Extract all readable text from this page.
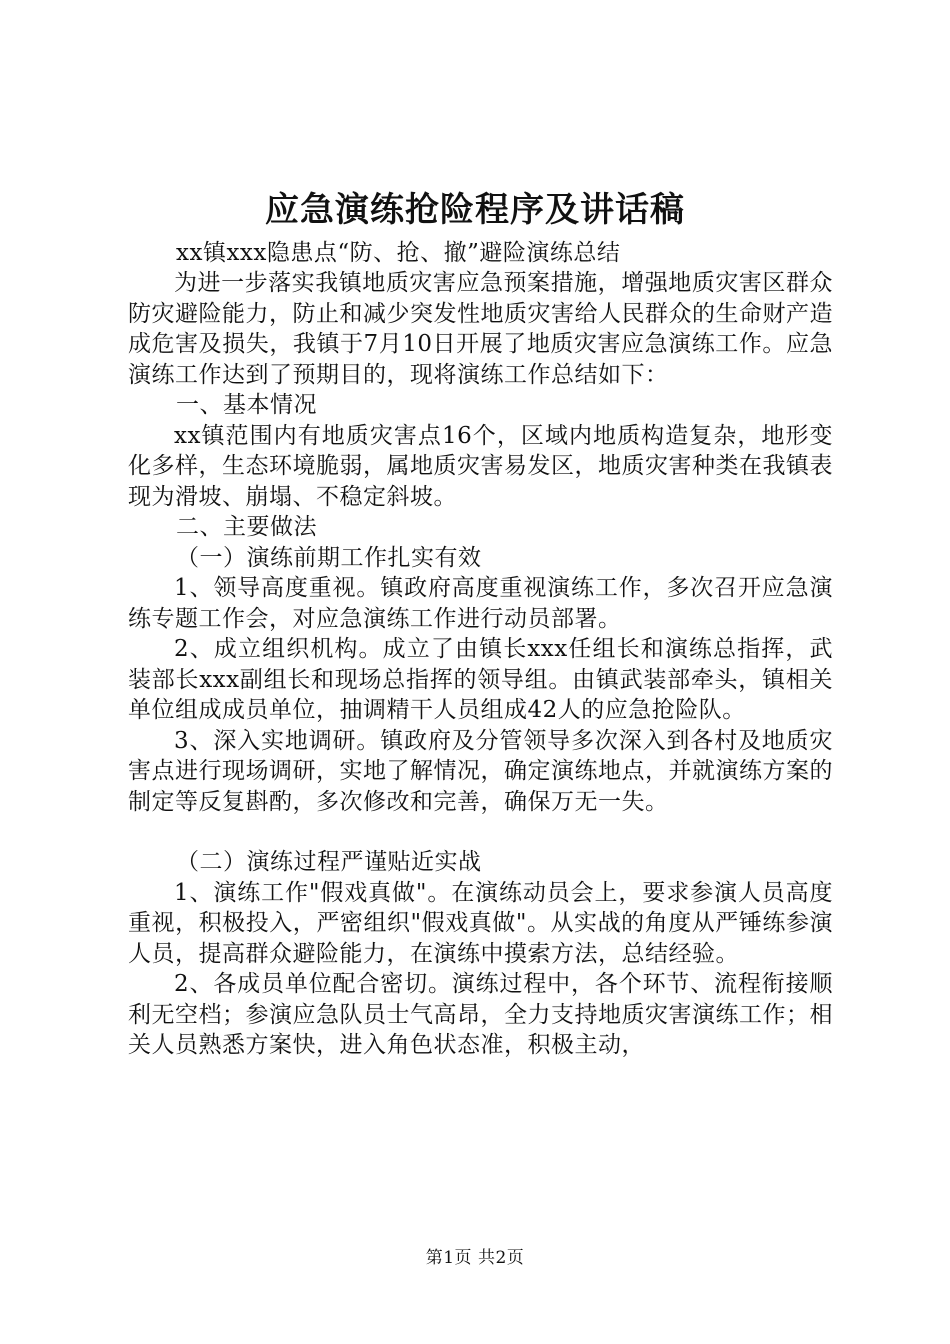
应急演练抢险程序及讲话稿

xx镇xxx隐患点“防、抢、撤”避险演练总结

为进一步落实我镇地质灾害应急预案措施，增强地质灾害区群众防灾避险能力，防止和减少突发性地质灾害给人民群众的生命财产造成危害及损失，我镇于7月10日开展了地质灾害应急演练工作。应急演练工作达到了预期目的，现将演练工作总结如下：

一、基本情况

xx镇范围内有地质灾害点16个，区域内地质构造复杂，地形变化多样，生态环境脆弱，属地质灾害易发区，地质灾害种类在我镇表现为滑坡、崩塌、不稳定斜坡。

二、主要做法

（一）演练前期工作扎实有效

1、领导高度重视。镇政府高度重视演练工作，多次召开应急演练专题工作会，对应急演练工作进行动员部署。

2、成立组织机构。成立了由镇长xxx任组长和演练总指挥，武装部长xxx副组长和现场总指挥的领导组。由镇武装部牵头，镇相关单位组成成员单位，抽调精干人员组成42人的应急抢险队。

3、深入实地调研。镇政府及分管领导多次深入到各村及地质灾害点进行现场调研，实地了解情况，确定演练地点，并就演练方案的制定等反复斟酌，多次修改和完善，确保万无一失。

（二）演练过程严谨贴近实战

1、演练工作"假戏真做"。在演练动员会上，要求参演人员高度重视，积极投入，严密组织"假戏真做"。从实战的角度从严锤练参演人员，提高群众避险能力，在演练中摸索方法，总结经验。

2、各成员单位配合密切。演练过程中，各个环节、流程衔接顺利无空档；参演应急队员士气高昂，全力支持地质灾害演练工作；相关人员熟悉方案快，进入角色状态准，积极主动，

第1页 共2页
